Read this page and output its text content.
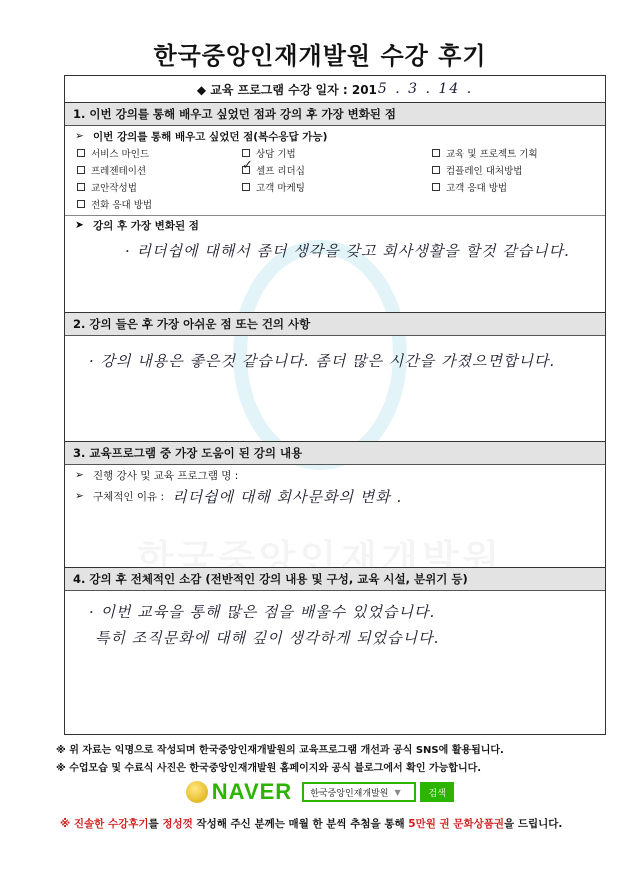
한국중앙인재개발원 수강 후기
◆ 교육 프로그램 수강 일자 : 201 5 . 3 . 14 .
1. 이번 강의를 통해 배우고 싶었던 점과 강의 후 가장 변화된 점
➢ 이번 강의를 통해 배우고 싶었던 점(복수응답 가능)
서비스 마인드	상담 기법	교육 및 프로젝트 기획
프레젠테이션	✓ 셀프 리더십	컴플레인 대처방법
교안작성법	고객 마케팅	고객 응대 방법
전화 응대 방법
➤ 강의 후 가장 변화된 점
· 리더쉽에 대해서 좀더 생각을 갖고 회사생활을 할것 같습니다.
2. 강의 들은 후 가장 아쉬운 점 또는 건의 사항
· 강의 내용은 좋은것 같습니다. 좀더 많은 시간을 가졌으면합니다.
3. 교육프로그램 중 가장 도움이 된 강의 내용
➢ 진행 강사 및 교육 프로그램 명 :
➢ 구체적인 이유 : 리더쉽에 대해 회사문화의 변화 .
4. 강의 후 전체적인 소감 (전반적인 강의 내용 및 구성, 교육 시설, 분위기 등)
· 이번 교육을 통해 많은 점을 배울수 있었습니다.
특히 조직문화에 대해 깊이 생각하게 되었습니다.
※ 위 자료는 익명으로 작성되며 한국중앙인재개발원의 교육프로그램 개선과 공식 SNS에 활용됩니다.
※ 수업모습 및 수료식 사진은 한국중앙인재개발원 홈페이지와 공식 블로그에서 확인 가능합니다.
NAVER 한국중앙인재개발원 ▼	검색
※ 진솔한 수강후기를 정성껏 작성해 주신 분께는 매월 한 분씩 추첨을 통해 5만원 권 문화상품권을 드립니다.
